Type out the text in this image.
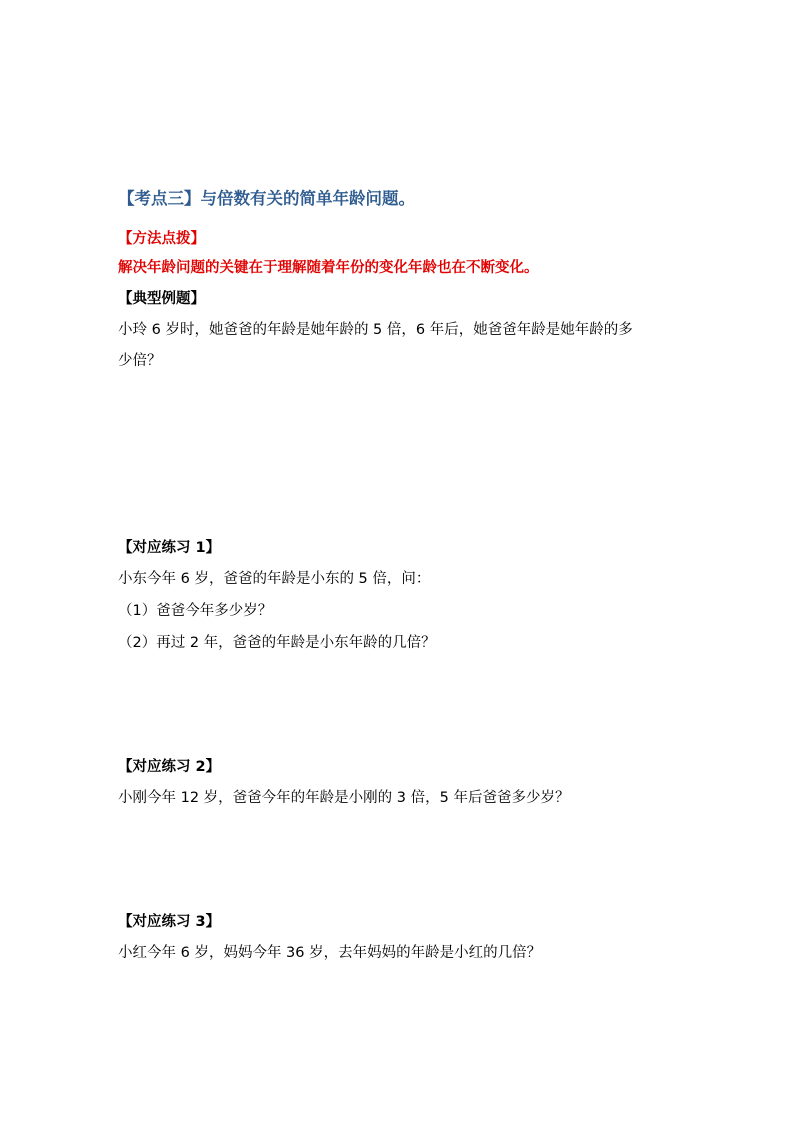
【考点三】与倍数有关的简单年龄问题。
【方法点拨】
解决年龄问题的关键在于理解随着年份的变化年龄也在不断变化。
【典型例题】
小玲 6 岁时，她爸爸的年龄是她年龄的 5 倍，6 年后，她爸爸年龄是她年龄的多
少倍？
【对应练习 1】
小东今年 6 岁，爸爸的年龄是小东的 5 倍，问：
（1）爸爸今年多少岁？
（2）再过 2 年，爸爸的年龄是小东年龄的几倍？
【对应练习 2】
小刚今年 12 岁，爸爸今年的年龄是小刚的 3 倍，5 年后爸爸多少岁？
【对应练习 3】
小红今年 6 岁，妈妈今年 36 岁，去年妈妈的年龄是小红的几倍？
